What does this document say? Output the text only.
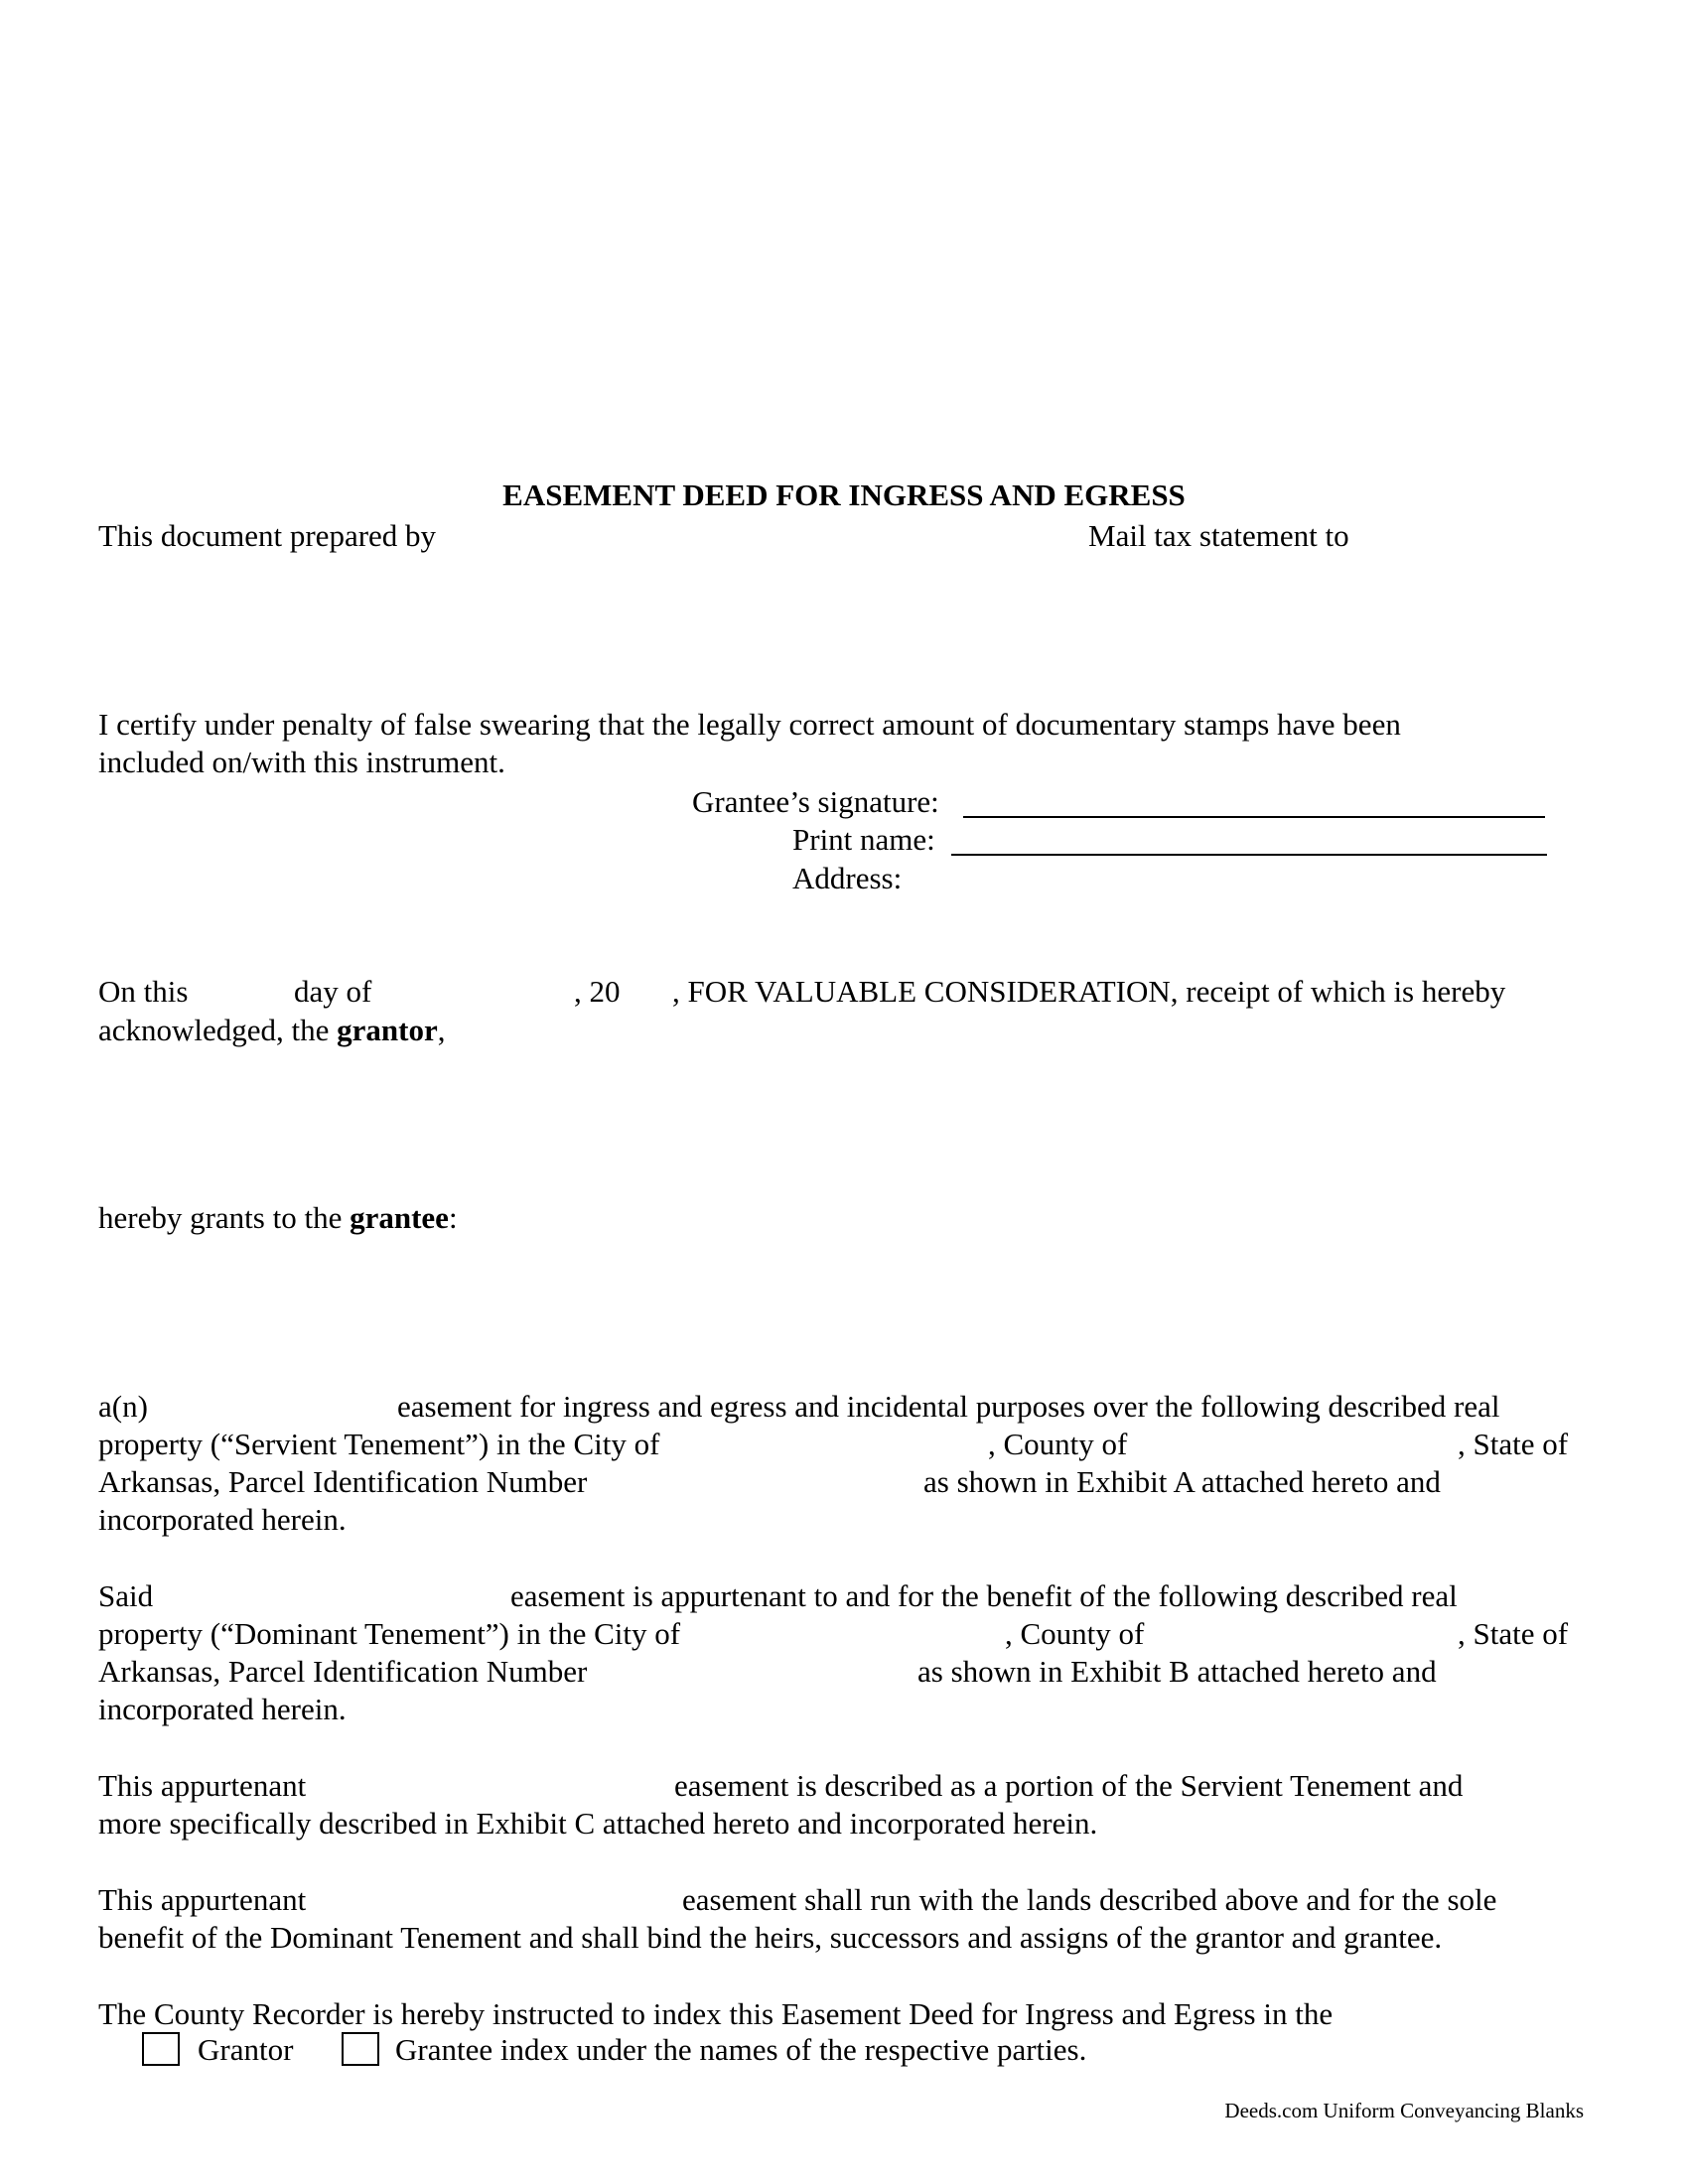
EASEMENT DEED FOR INGRESS AND EGRESS
This document prepared by	Mail tax statement to
I certify under penalty of false swearing that the legally correct amount of documentary stamps have been
included on/with this instrument.
Grantee’s signature:
Print name:
Address:
On this	day of	, 20 , FOR VALUABLE CONSIDERATION, receipt of which is hereby
acknowledged, the grantor,
hereby grants to the grantee:
a(n)	easement for ingress and egress and incidental purposes over the following described real
property (“Servient Tenement”) in the City of	, County of	, State of
Arkansas, Parcel Identification Number	as shown in Exhibit A attached hereto and
incorporated herein.
Said	easement is appurtenant to and for the benefit of the following described real
property (“Dominant Tenement”) in the City of	, County of	, State of
Arkansas, Parcel Identification Number	as shown in Exhibit B attached hereto and
incorporated herein.
This appurtenant	easement is described as a portion of the Servient Tenement and
more specifically described in Exhibit C attached hereto and incorporated herein.
This appurtenant	easement shall run with the lands described above and for the sole
benefit of the Dominant Tenement and shall bind the heirs, successors and assigns of the grantor and grantee.
The County Recorder is hereby instructed to index this Easement Deed for Ingress and Egress in the
Grantor	Grantee index under the names of the respective parties.
Deeds.com Uniform Conveyancing Blanks
